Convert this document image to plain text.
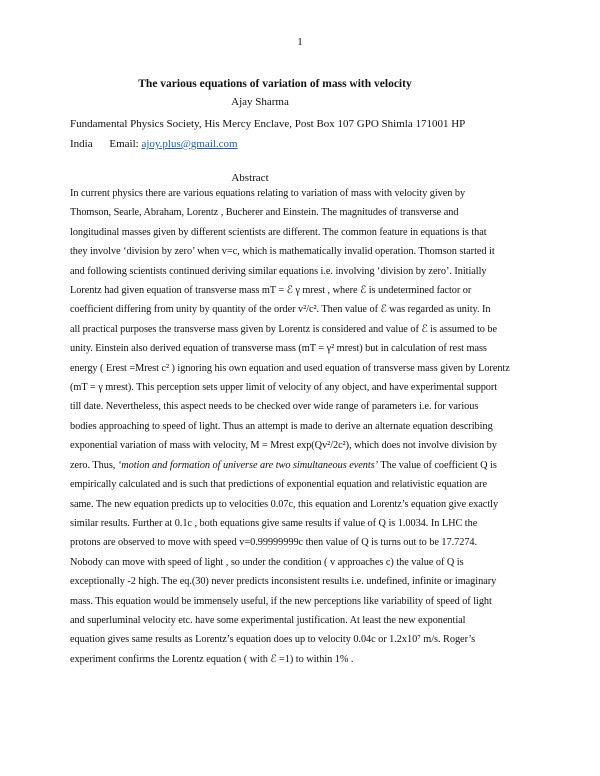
1
The various equations of variation of mass with velocity
Ajay Sharma
Fundamental Physics Society, His Mercy Enclave, Post Box 107 GPO Shimla 171001 HP
India Email: ajoy.plus@gmail.com
Abstract
In current physics there are various equations relating to variation of mass with velocity given by
Thomson, Searle, Abraham, Lorentz , Bucherer and Einstein. The magnitudes of transverse and
longitudinal masses given by different scientists are different. The common feature in equations is that
they involve ‘division by zero’ when v=c, which is mathematically invalid operation. Thomson started it
and following scientists continued deriving similar equations i.e. involving ‘division by zero’. Initially
Lorentz had given equation of transverse mass mT = ℰ γ mrest , where ℰ is undetermined factor or
coefficient differing from unity by quantity of the order v²/c². Then value of ℰ was regarded as unity. In
all practical purposes the transverse mass given by Lorentz is considered and value of ℰ is assumed to be
unity. Einstein also derived equation of transverse mass (mT = γ² mrest) but in calculation of rest mass
energy ( Erest =Mrest c² ) ignoring his own equation and used equation of transverse mass given by Lorentz
(mT = γ mrest). This perception sets upper limit of velocity of any object, and have experimental support
till date. Nevertheless, this aspect needs to be checked over wide range of parameters i.e. for various
bodies approaching to speed of light. Thus an attempt is made to derive an alternate equation describing
exponential variation of mass with velocity, M = Mrest exp(Qv²/2c²), which does not involve division by
zero. Thus, ‘motion and formation of universe are two simultaneous events’ The value of coefficient Q is
empirically calculated and is such that predictions of exponential equation and relativistic equation are
same. The new equation predicts up to velocities 0.07c, this equation and Lorentz’s equation give exactly
similar results. Further at 0.1c , both equations give same results if value of Q is 1.0034. In LHC the
protons are observed to move with speed v=0.99999999c then value of Q is turns out to be 17.7274.
Nobody can move with speed of light , so under the condition ( v approaches c) the value of Q is
exceptionally -2 high. The eq.(30) never predicts inconsistent results i.e. undefined, infinite or imaginary
mass. This equation would be immensely useful, if the new perceptions like variability of speed of light
and superluminal velocity etc. have some experimental justification. At least the new exponential
equation gives same results as Lorentz’s equation does up to velocity 0.04c or 1.2x10⁷ m/s. Roger’s
experiment confirms the Lorentz equation ( with ℰ =1) to within 1% .
